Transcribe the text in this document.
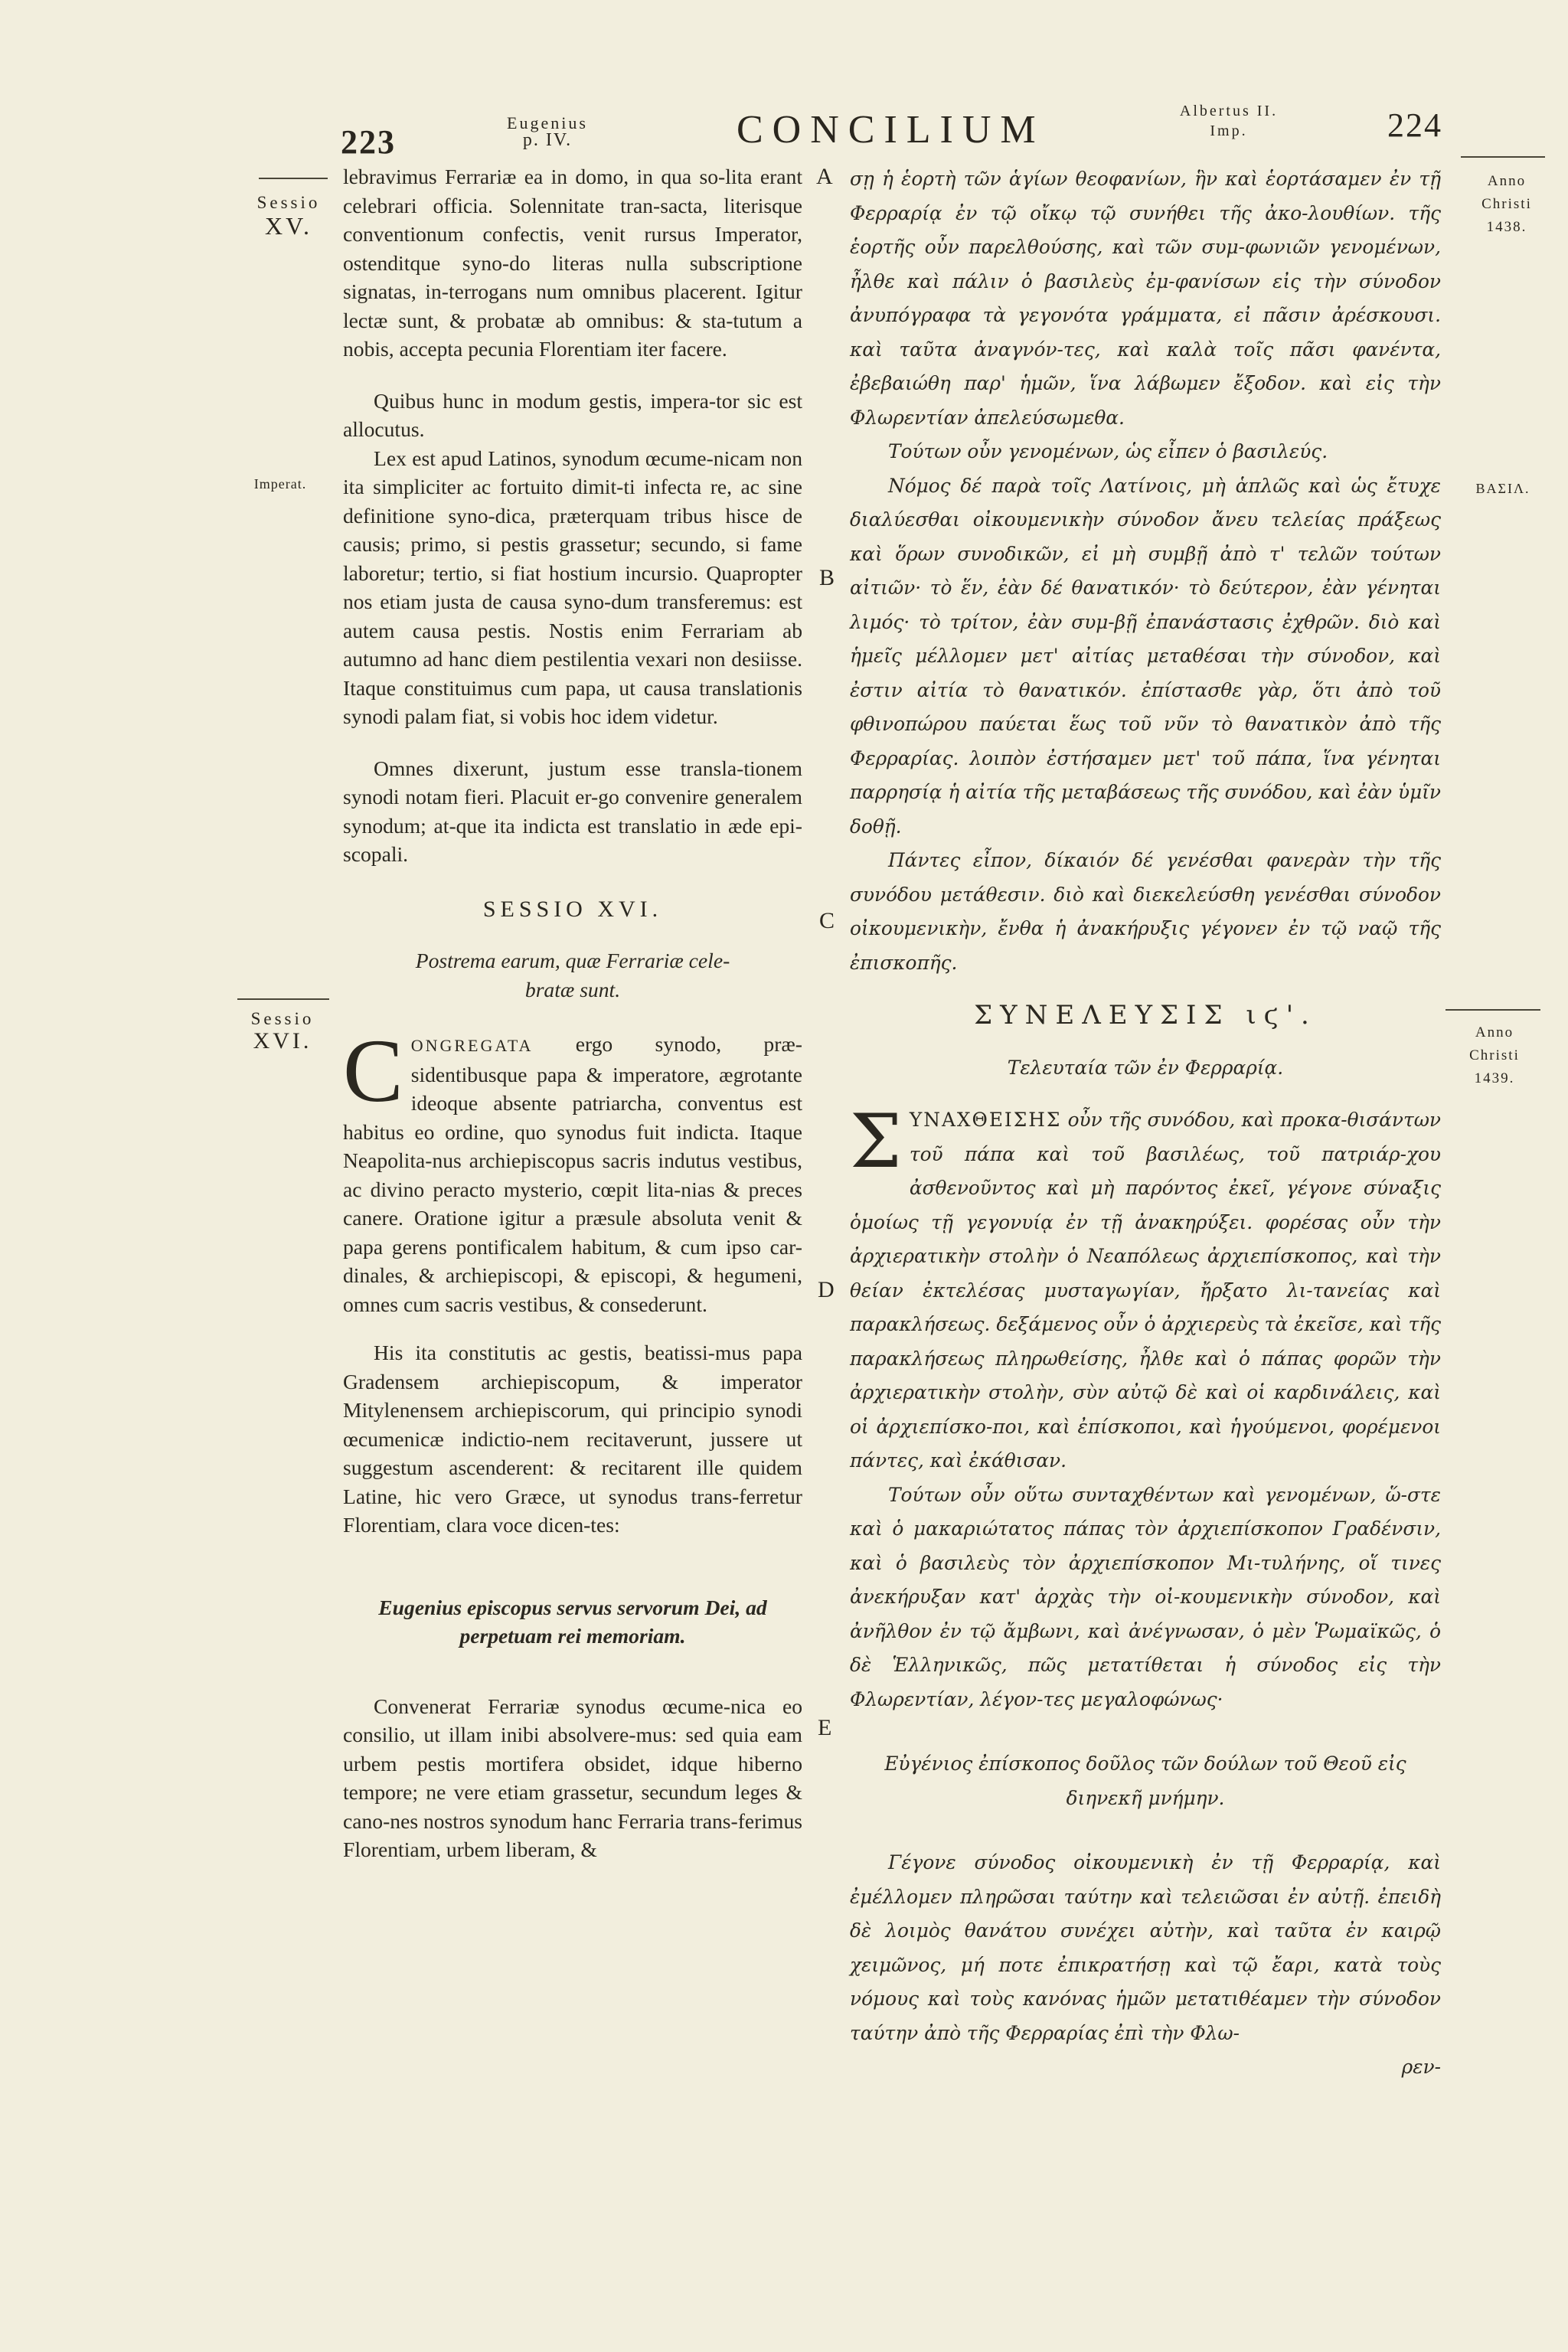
223
Eugenius
p. IV.	CONCILIUM	Albertus II.
Imp.	224
Sessio
XV.
Imperat.
Sessio
XVI.
Anno
Christi
1438.
ΒΑΣΙΛ.
Anno
Christi
1439.
A
B
C
D
E

lebravimus Ferrariæ ea in domo, in qua so-lita erant celebrari officia. Solennitate tran-sacta, literisque conventionum confectis, venit rursus Imperator, ostenditque syno-do literas nulla subscriptione signatas, in-terrogans num omnibus placerent. Igitur lectæ sunt, & probatæ ab omnibus: & sta-tutum a nobis, accepta pecunia Florentiam iter facere.

Quibus hunc in modum gestis, impera-tor sic est allocutus.

Lex est apud Latinos, synodum œcume-nicam non ita simpliciter ac fortuito dimit-ti infecta re, ac sine definitione syno-dica, præterquam tribus hisce de causis; primo, si pestis grassetur; secundo, si fame laboretur; tertio, si fiat hostium incursio. Quapropter nos etiam justa de causa syno-dum transferemus: est autem causa pestis. Nostis enim Ferrariam ab autumno ad hanc diem pestilentia vexari non desiisse. Itaque constituimus cum papa, ut causa translationis synodi palam fiat, si vobis hoc idem videtur.

Omnes dixerunt, justum esse transla-tionem synodi notam fieri. Placuit er-go convenire generalem synodum; at-que ita indicta est translatio in æde epi-scopali.

SESSIO XVI.

Postrema earum, quæ Ferrariæ cele-bratæ sunt.

C ONGREGATA ergo synodo, præ-sidentibusque papa & imperatore, ægrotante ideoque absente patriarcha, conventus est habitus eo ordine, quo synodus fuit indicta. Itaque Neapolita-nus archiepiscopus sacris indutus vestibus, ac divino peracto mysterio, cœpit lita-nias & preces canere. Oratione igitur a præsule absoluta venit & papa gerens pontificalem habitum, & cum ipso car-dinales, & archiepiscopi, & episcopi, & hegumeni, omnes cum sacris vestibus, & consederunt.

His ita constitutis ac gestis, beatissi-mus papa Gradensem archiepiscopum, & imperator Mitylenensem archiepiscorum, qui principio synodi œcumenicæ indictio-nem recitaverunt, jussere ut suggestum ascenderent: & recitarent ille quidem Latine, hic vero Græce, ut synodus trans-ferretur Florentiam, clara voce dicen-tes:

Eugenius episcopus servus servorum Dei, ad perpetuam rei memoriam.

Convenerat Ferrariæ synodus œcume-nica eo consilio, ut illam inibi absolvere-mus: sed quia eam urbem pestis mortifera obsidet, idque hiberno tempore; ne vere etiam grassetur, secundum leges & cano-nes nostros synodum hanc Ferraria trans-ferimus Florentiam, urbem liberam, &

σῃ ἡ ἑορτὴ τῶν ἁγίων θεοφανίων, ἣν καὶ ἑορτάσαμεν ἐν τῇ Φερραρίᾳ ἐν τῷ οἴκῳ τῷ συνήθει τῆς ἀκο-λουθίων. τῆς ἑορτῆς οὖν παρελθούσης, καὶ τῶν συμ-φωνιῶν γενομένων, ἦλθε καὶ πάλιν ὁ βασιλεὺς ἐμ-φανίσων εἰς τὴν σύνοδον ἀνυπόγραφα τὰ γεγονότα γράμματα, εἰ πᾶσιν ἀρέσκουσι. καὶ ταῦτα ἀναγνόν-τες, καὶ καλὰ τοῖς πᾶσι φανέντα, ἐβεβαιώθη παρ' ἡμῶν, ἵνα λάβωμεν ἔξοδον. καὶ εἰς τὴν Φλωρεντίαν ἀπελεύσωμεθα.

Τούτων οὖν γενομένων, ὡς εἶπεν ὁ βασιλεύς.

Νόμος δέ παρὰ τοῖς Λατίνοις, μὴ ἁπλῶς καὶ ὡς ἔτυχε διαλύεσθαι οἰκουμενικὴν σύνοδον ἄνευ τελείας πράξεως καὶ ὅρων συνοδικῶν, εἰ μὴ συμβῇ ἀπὸ τ' τελῶν τούτων αἰτιῶν· τὸ ἕν, ἐὰν δέ θανατικόν· τὸ δεύτερον, ἐὰν γένηται λιμός· τὸ τρίτον, ἐὰν συμ-βῇ ἐπανάστασις ἐχθρῶν. διὸ καὶ ἡμεῖς μέλλομεν μετ' αἰτίας μεταθέσαι τὴν σύνοδον, καὶ ἐστιν αἰτία τὸ θανατικόν. ἐπίστασθε γὰρ, ὅτι ἀπὸ τοῦ φθινοπώρου παύεται ἕως τοῦ νῦν τὸ θανατικὸν ἀπὸ τῆς Φερραρίας. λοιπὸν ἐστήσαμεν μετ' τοῦ πάπα, ἵνα γένηται παρρησίᾳ ἡ αἰτία τῆς μεταβάσεως τῆς συνόδου, καὶ ἐὰν ὑμῖν δοθῇ.

Πάντες εἶπον, δίκαιόν δέ γενέσθαι φανερὰν τὴν τῆς συνόδου μετάθεσιν. διὸ καὶ διεκελεύσθη γενέσθαι σύνοδον οἰκουμενικὴν, ἔνθα ἡ ἀνακήρυξις γέγονεν ἐν τῷ ναῷ τῆς ἐπισκοπῆς.

ΣΥΝΕΛΕΥΣΙΣ ιϛ'.

Τελευταία τῶν ἐν Φερραρίᾳ.

Σ ΥΝΑΧΘΕΙΣΗΣ οὖν τῆς συνόδου, καὶ προκα-θισάντων τοῦ πάπα καὶ τοῦ βασιλέως, τοῦ πατριάρ-χου ἀσθενοῦντος καὶ μὴ παρόντος ἐκεῖ, γέγονε σύναξις ὁμοίως τῇ γεγονυίᾳ ἐν τῇ ἀνακηρύξει. φορέσας οὖν τὴν ἀρχιερατικὴν στολὴν ὁ Νεαπόλεως ἀρχιεπίσκοπος, καὶ τὴν θείαν ἐκτελέσας μυσταγωγίαν, ἤρξατο λι-τανείας καὶ παρακλήσεως. δεξάμενος οὖν ὁ ἀρχιερεὺς τὰ ἐκεῖσε, καὶ τῆς παρακλήσεως πληρωθείσης, ἦλθε καὶ ὁ πάπας φορῶν τὴν ἀρχιερατικὴν στολὴν, σὺν αὐτῷ δὲ καὶ οἱ καρδινάλεις, καὶ οἱ ἀρχιεπίσκο-ποι, καὶ ἐπίσκοποι, καὶ ἡγούμενοι, φορέμενοι πάντες, καὶ ἐκάθισαν.

Τούτων οὖν οὕτω συνταχθέντων καὶ γενομένων, ὥ-στε καὶ ὁ μακαριώτατος πάπας τὸν ἀρχιεπίσκοπον Γραδένσιν, καὶ ὁ βασιλεὺς τὸν ἀρχιεπίσκοπον Μι-τυλήνης, οἵ τινες ἀνεκήρυξαν κατ' ἀρχὰς τὴν οἰ-κουμενικὴν σύνοδον, καὶ ἀνῆλθον ἐν τῷ ἄμβωνι, καὶ ἀνέγνωσαν, ὁ μὲν Ῥωμαϊκῶς, ὁ δὲ Ἑλληνικῶς, πῶς μετατίθεται ἡ σύνοδος εἰς τὴν Φλωρεντίαν, λέγον-τες μεγαλοφώνως·

Εὐγένιος ἐπίσκοπος δοῦλος τῶν δούλων τοῦ Θεοῦ εἰς διηνεκῆ μνήμην.

Γέγονε σύνοδος οἰκουμενικὴ ἐν τῇ Φερραρίᾳ, καὶ ἐμέλλομεν πληρῶσαι ταύτην καὶ τελειῶσαι ἐν αὐτῇ. ἐπειδὴ δὲ λοιμὸς θανάτου συνέχει αὐτὴν, καὶ ταῦτα ἐν καιρῷ χειμῶνος, μή ποτε ἐπικρατήσῃ καὶ τῷ ἔαρι, κατὰ τοὺς νόμους καὶ τοὺς κανόνας ἡμῶν μετατιθέαμεν τὴν σύνοδον ταύτην ἀπὸ τῆς Φερραρίας ἐπὶ τὴν Φλω-

ρεν-
